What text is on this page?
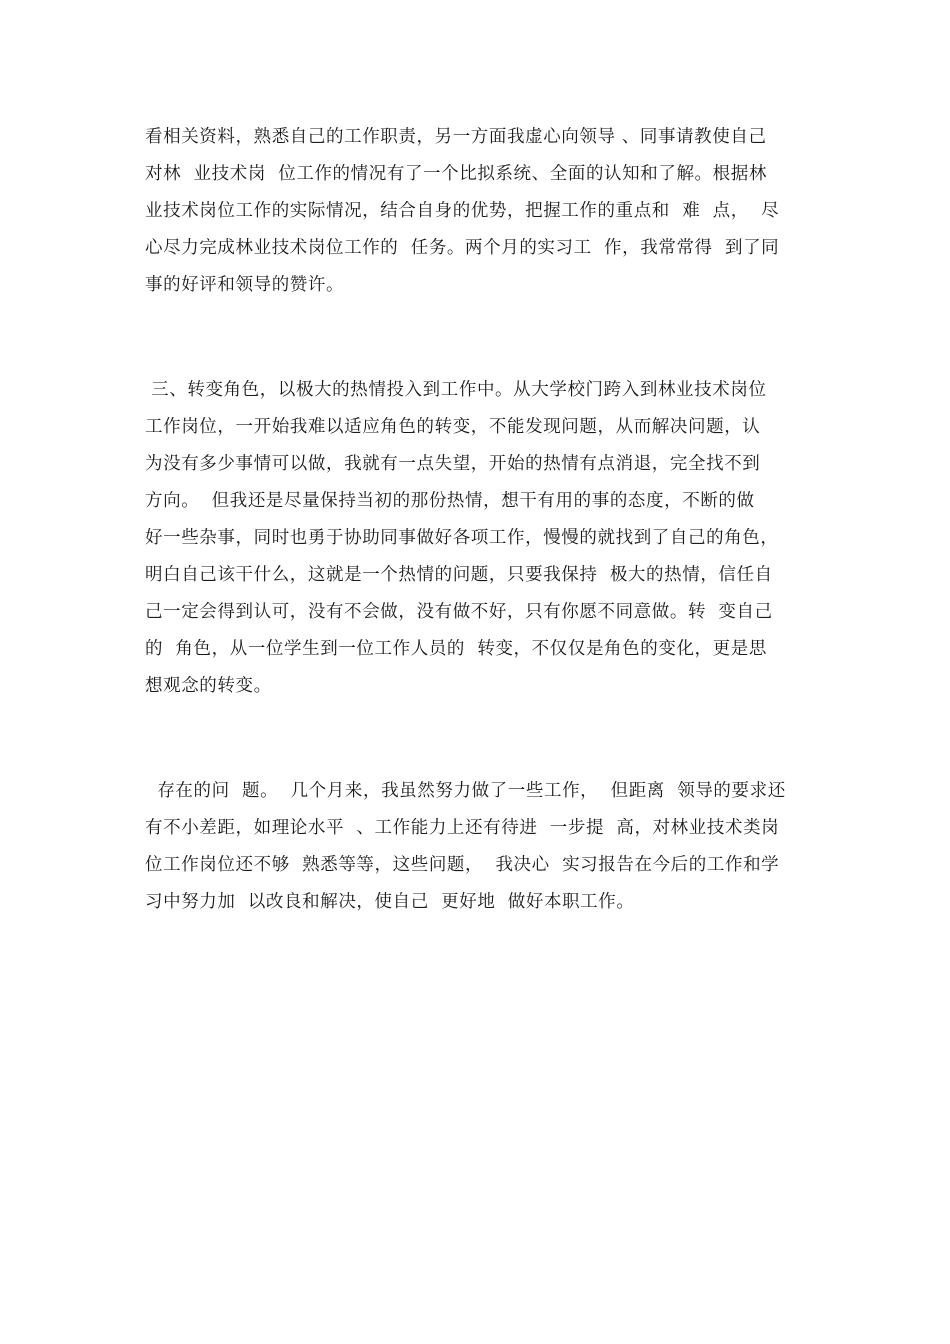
看相关资料，熟悉自己的工作职责，另一方面我虚心向领导 、同事请教使自己
对林  业技术岗  位工作的情况有了一个比拟系统、全面的认知和了解。根据林
业技术岗位工作的实际情况，结合自身的优势，把握工作的重点和  难  点，  尽
心尽力完成林业技术岗位工作的  任务。两个月的实习工  作，我常常得  到了同
事的好评和领导的赞许。
三、转变角色，以极大的热情投入到工作中。从大学校门跨入到林业技术岗位
工作岗位，一开始我难以适应角色的转变，不能发现问题，从而解决问题，认
为没有多少事情可以做，我就有一点失望，开始的热情有点消退，完全找不到
方向。  但我还是尽量保持当初的那份热情，想干有用的事的态度，不断的做
好一些杂事，同时也勇于协助同事做好各项工作，慢慢的就找到了自己的角色，
明白自己该干什么，这就是一个热情的问题，只要我保持  极大的热情，信任自
己一定会得到认可，没有不会做，没有做不好，只有你愿不同意做。转  变自己
的  角色，从一位学生到一位工作人员的  转变，不仅仅是角色的变化，更是思
想观念的转变。
存在的问  题。  几个月来，我虽然努力做了一些工作，  但距离  领导的要求还
有不小差距，如理论水平  、工作能力上还有待进  一步提  高，对林业技术类岗
位工作岗位还不够  熟悉等等，这些问题，  我决心  实习报告在今后的工作和学
习中努力加  以改良和解决，使自己  更好地  做好本职工作。
